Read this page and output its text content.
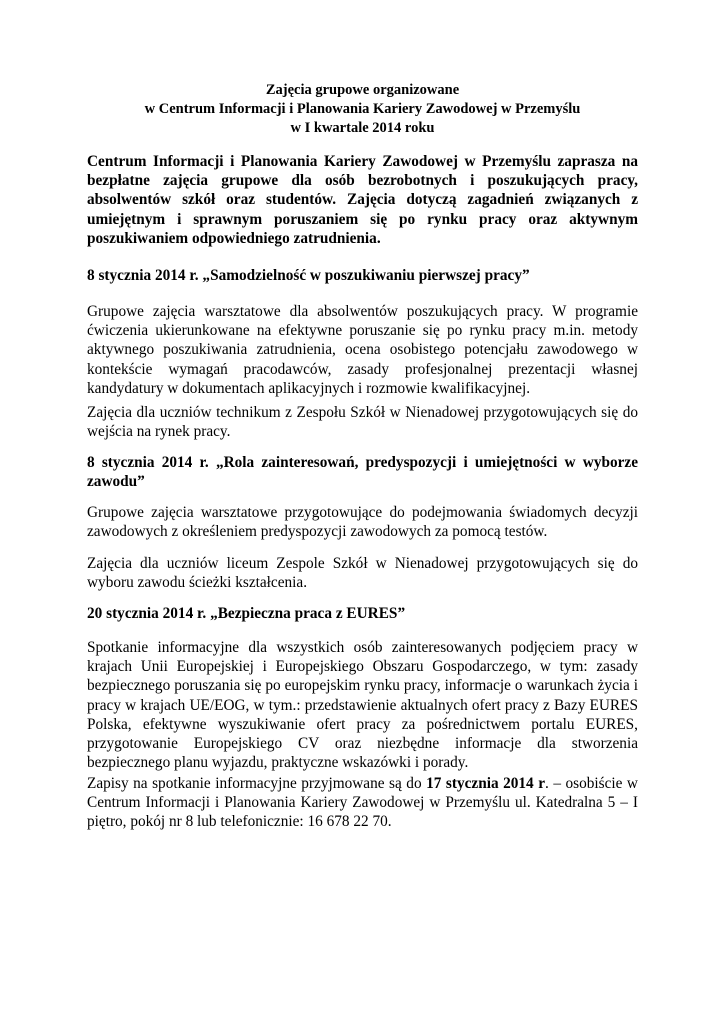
Zajęcia grupowe organizowane
w Centrum Informacji i Planowania Kariery Zawodowej w Przemyślu
w I kwartale 2014 roku
Centrum Informacji i Planowania Kariery Zawodowej w Przemyślu zaprasza na bezpłatne zajęcia grupowe dla osób bezrobotnych i poszukujących pracy, absolwentów szkół oraz studentów. Zajęcia dotyczą zagadnień związanych z umiejętnym i sprawnym poruszaniem się po rynku pracy oraz aktywnym poszukiwaniem odpowiedniego zatrudnienia.
8 stycznia 2014 r. „Samodzielność w poszukiwaniu pierwszej pracy”
Grupowe zajęcia warsztatowe dla absolwentów poszukujących pracy. W programie ćwiczenia ukierunkowane na efektywne poruszanie się po rynku pracy m.in. metody aktywnego poszukiwania zatrudnienia, ocena osobistego potencjału zawodowego w kontekście wymagań pracodawców, zasady profesjonalnej prezentacji własnej kandydatury w dokumentach aplikacyjnych i rozmowie kwalifikacyjnej.
Zajęcia dla uczniów technikum z Zespołu Szkół w Nienadowej przygotowujących się do wejścia na rynek pracy.
8 stycznia 2014 r. „Rola zainteresowań, predyspozycji i umiejętności w wyborze zawodu”
Grupowe zajęcia warsztatowe przygotowujące do podejmowania świadomych decyzji zawodowych z określeniem predyspozycji zawodowych za pomocą testów.
Zajęcia dla uczniów liceum Zespole Szkół w Nienadowej przygotowujących się do wyboru zawodu ścieżki kształcenia.
20 stycznia 2014 r. „Bezpieczna praca z EURES”
Spotkanie informacyjne dla wszystkich osób zainteresowanych podjęciem pracy w krajach Unii Europejskiej i Europejskiego Obszaru Gospodarczego, w tym: zasady bezpiecznego poruszania się po europejskim rynku pracy, informacje o warunkach życia i pracy w krajach UE/EOG, w tym.: przedstawienie aktualnych ofert pracy z Bazy EURES Polska, efektywne wyszukiwanie ofert pracy za pośrednictwem portalu EURES, przygotowanie Europejskiego CV oraz niezbędne informacje dla stworzenia bezpiecznego planu wyjazdu, praktyczne wskazówki i porady.
Zapisy na spotkanie informacyjne przyjmowane są do 17 stycznia 2014 r. – osobiście w Centrum Informacji i Planowania Kariery Zawodowej w Przemyślu ul. Katedralna 5 – I piętro, pokój nr 8 lub telefonicznie: 16 678 22 70.
